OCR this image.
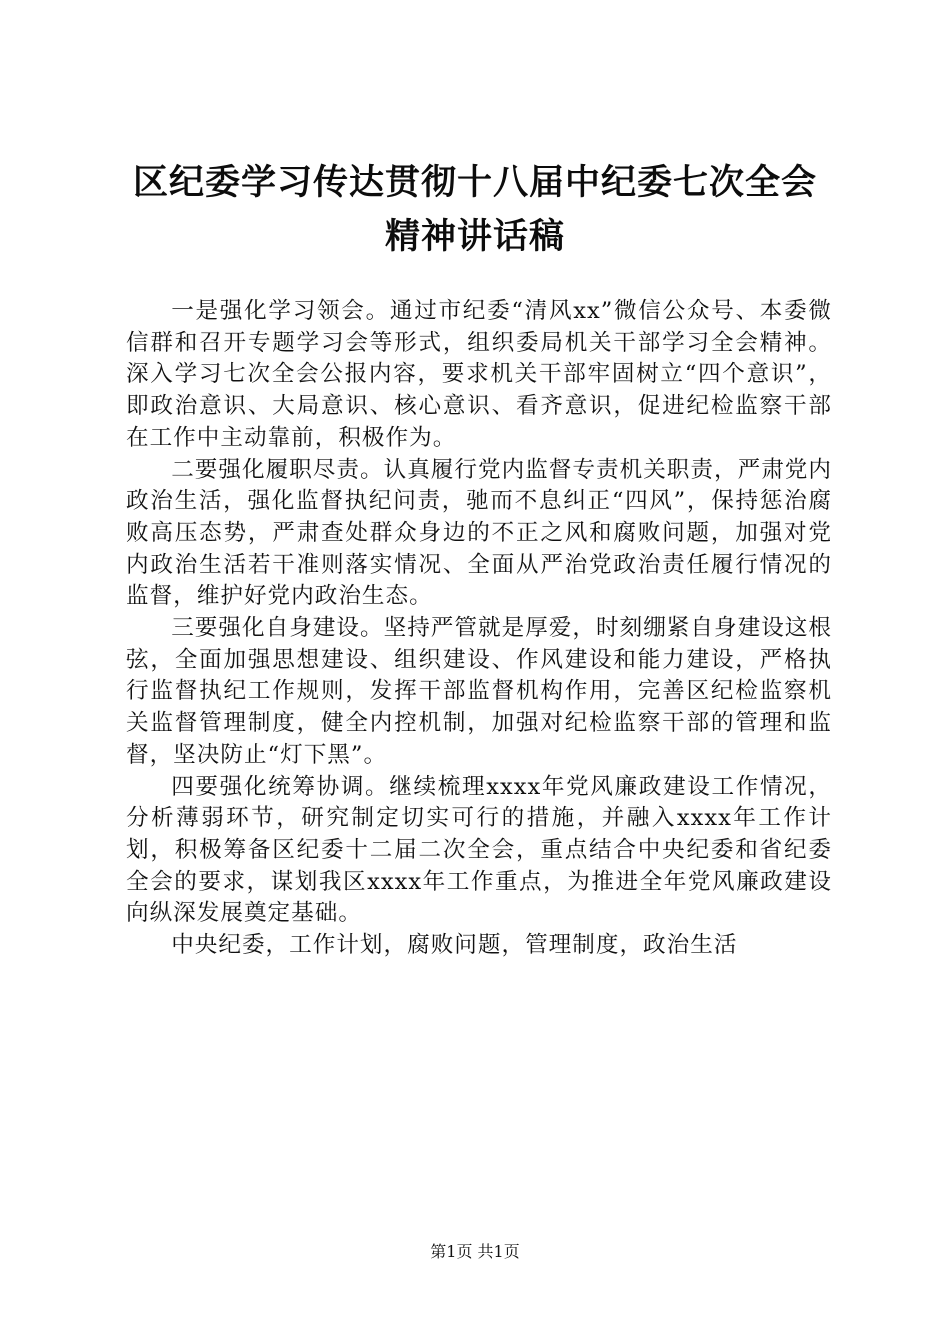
区纪委学习传达贯彻十八届中纪委七次全会精神讲话稿

一是强化学习领会。通过市纪委“清风xx”微信公众号、本委微信群和召开专题学习会等形式，组织委局机关干部学习全会精神。深入学习七次全会公报内容，要求机关干部牢固树立“四个意识”，即政治意识、大局意识、核心意识、看齐意识，促进纪检监察干部在工作中主动靠前，积极作为。

二要强化履职尽责。认真履行党内监督专责机关职责，严肃党内政治生活，强化监督执纪问责，驰而不息纠正“四风”，保持惩治腐败高压态势，严肃查处群众身边的不正之风和腐败问题，加强对党内政治生活若干准则落实情况、全面从严治党政治责任履行情况的监督，维护好党内政治生态。

三要强化自身建设。坚持严管就是厚爱，时刻绷紧自身建设这根弦，全面加强思想建设、组织建设、作风建设和能力建设，严格执行监督执纪工作规则，发挥干部监督机构作用，完善区纪检监察机关监督管理制度，健全内控机制，加强对纪检监察干部的管理和监督，坚决防止“灯下黑”。

四要强化统筹协调。继续梳理xxxx年党风廉政建设工作情况，分析薄弱环节，研究制定切实可行的措施，并融入xxxx年工作计划，积极筹备区纪委十二届二次全会，重点结合中央纪委和省纪委全会的要求，谋划我区xxxx年工作重点，为推进全年党风廉政建设向纵深发展奠定基础。

中央纪委，工作计划，腐败问题，管理制度，政治生活

第1页 共1页
